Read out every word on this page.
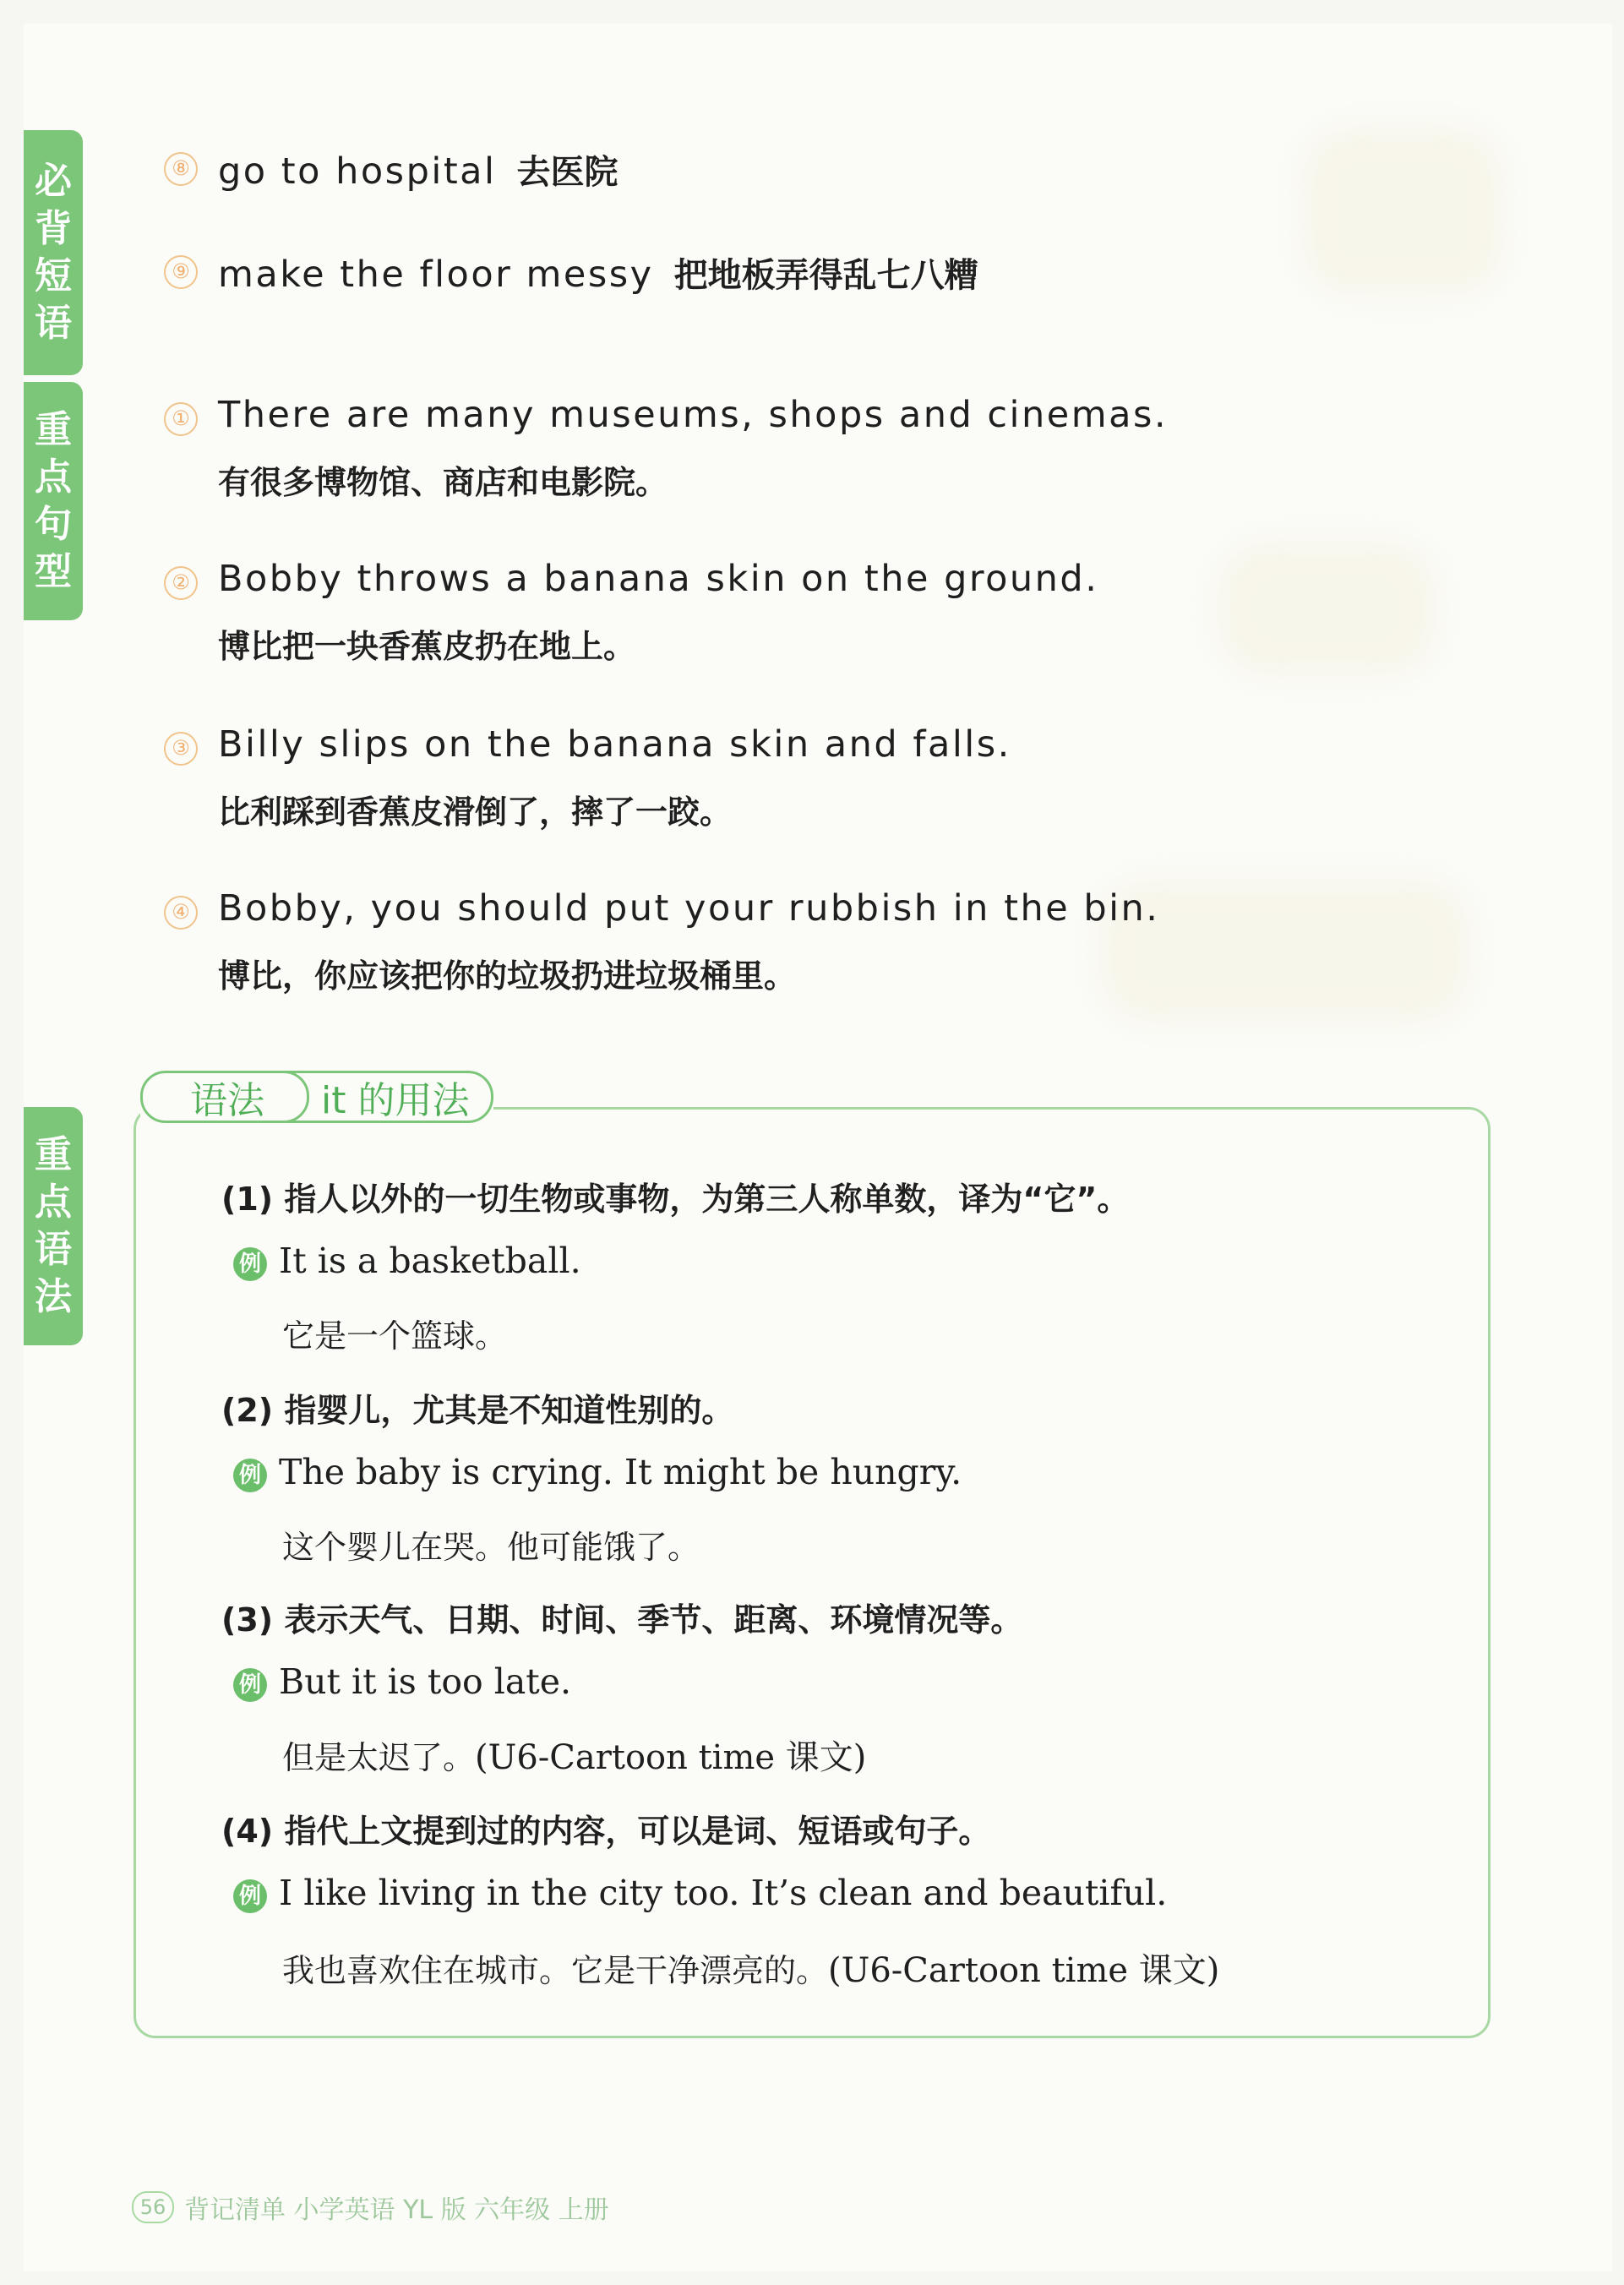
必
背
短
语
重
点
句
型
重
点
语
法
⑧ go to hospital 去医院
⑨ make the floor messy 把地板弄得乱七八糟
① There are many museums, shops and cinemas.
有很多博物馆、商店和电影院。
② Bobby throws a banana skin on the ground.
博比把一块香蕉皮扔在地上。
③ Billy slips on the banana skin and falls.
比利踩到香蕉皮滑倒了，摔了一跤。
④ Bobby, you should put your rubbish in the bin.
博比，你应该把你的垃圾扔进垃圾桶里。
语法	it 的用法
(1) 指人以外的一切生物或事物，为第三人称单数，译为“它”。
例 It is a basketball.
它是一个篮球。
(2) 指婴儿，尤其是不知道性别的。
例 The baby is crying. It might be hungry.
这个婴儿在哭。他可能饿了。
(3) 表示天气、日期、时间、季节、距离、环境情况等。
例 But it is too late.
但是太迟了。(U6-Cartoon time 课文)
(4) 指代上文提到过的内容，可以是词、短语或句子。
例 I like living in the city too. It’s clean and beautiful.
我也喜欢住在城市。它是干净漂亮的。(U6-Cartoon time 课文)
56 背记清单 小学英语 YL 版 六年级 上册
